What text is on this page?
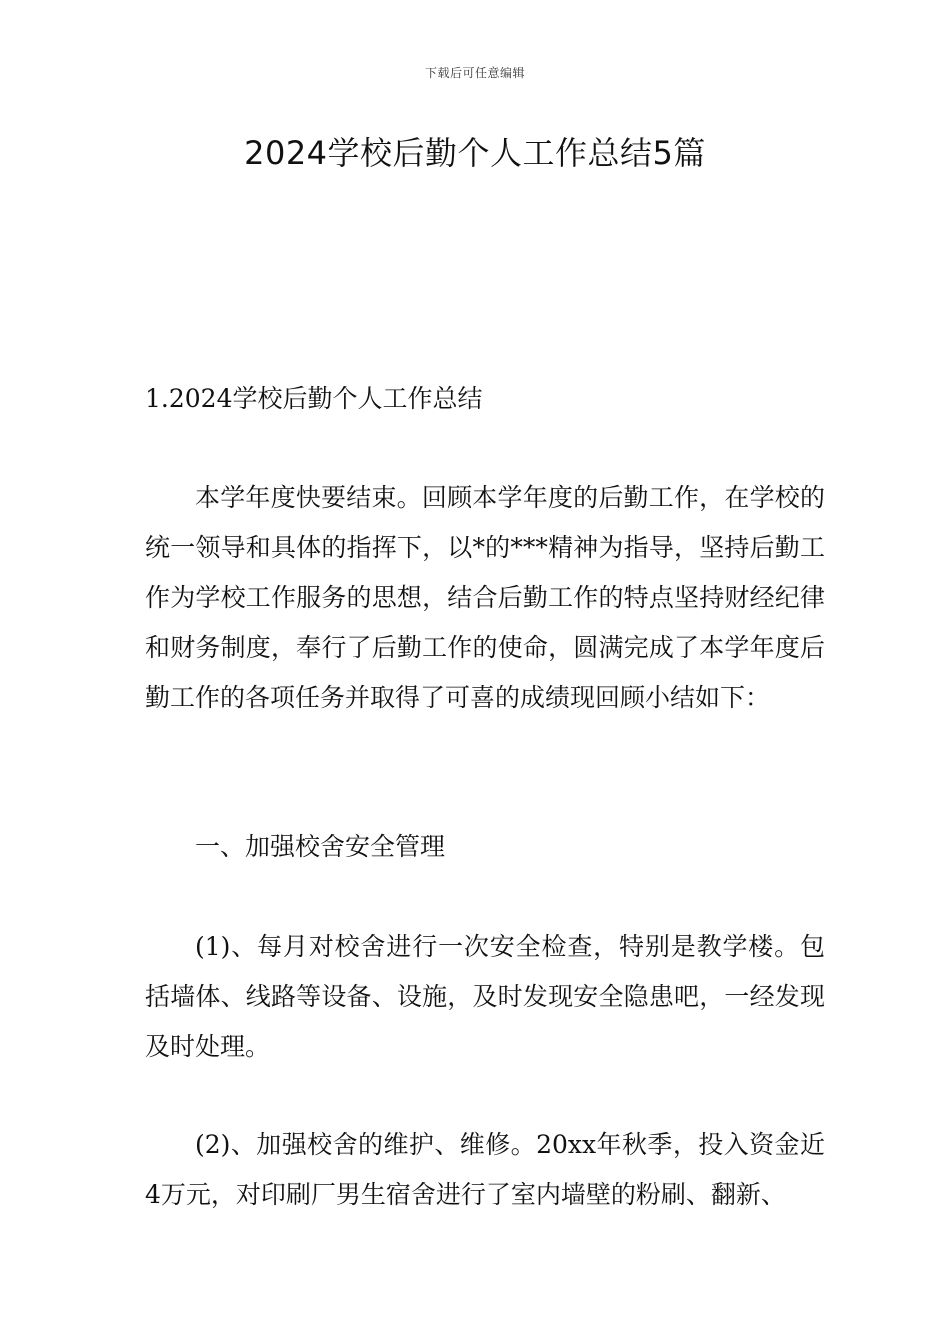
下载后可任意编辑
2024学校后勤个人工作总结5篇
1.2024学校后勤个人工作总结

本学年度快要结束。回顾本学年度的后勤工作，在学校的统一领导和具体的指挥下，以*的***精神为指导，坚持后勤工作为学校工作服务的思想，结合后勤工作的特点坚持财经纪律和财务制度，奉行了后勤工作的使命，圆满完成了本学年度后勤工作的各项任务并取得了可喜的成绩现回顾小结如下：

一、加强校舍安全管理

(1)、每月对校舍进行一次安全检查，特别是教学楼。包括墙体、线路等设备、设施，及时发现安全隐患吧，一经发现及时处理。

(2)、加强校舍的维护、维修。20xx年秋季，投入资金近4万元，对印刷厂男生宿舍进行了室内墙壁的粉刷、翻新、
